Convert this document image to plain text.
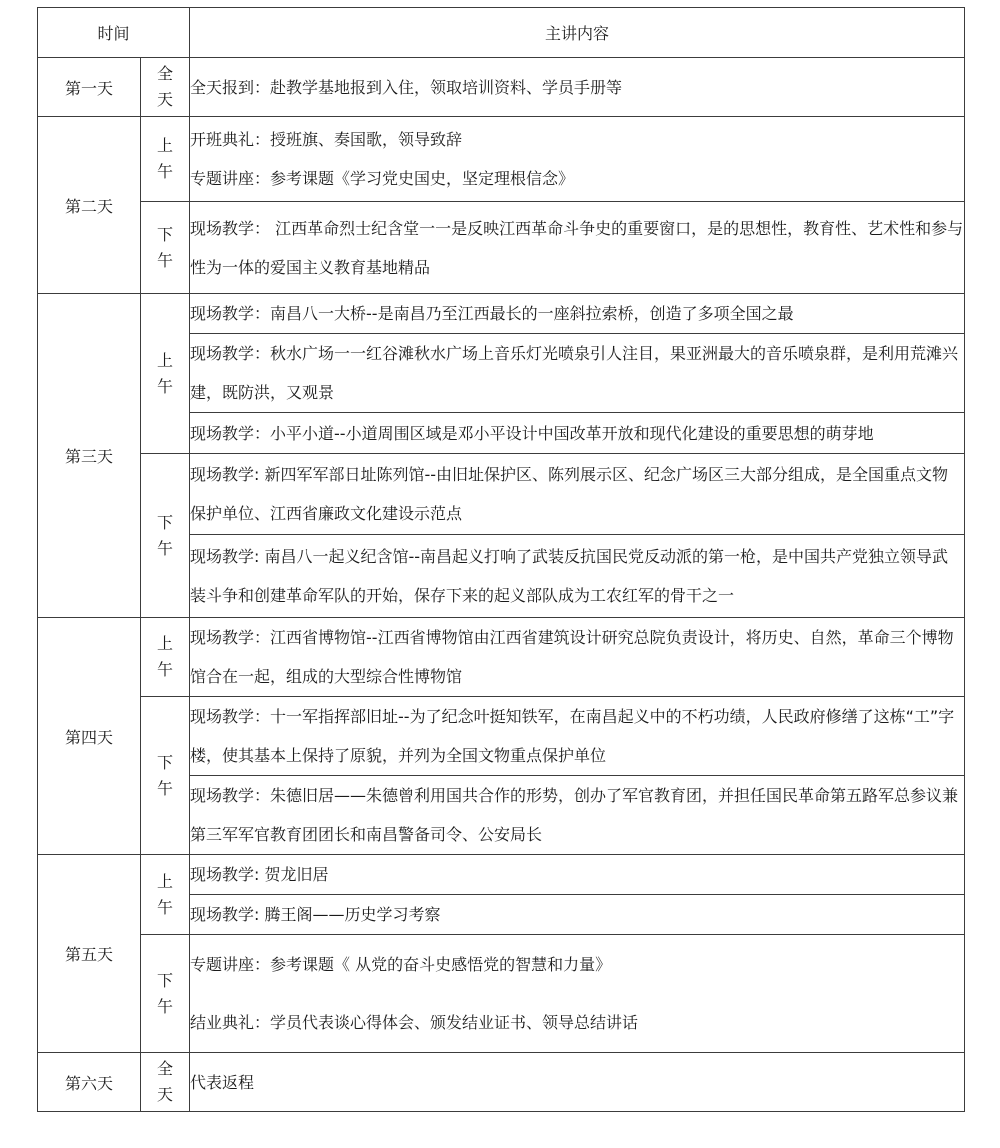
时间		主讲内容
第一天	全天	全天报到：赴教学基地报到入住，领取培训资料、学员手册等
第二天	上午	开班典礼：授班旗、奏国歌，领导致辞
专题讲座：参考课题《学习党史国史，坚定理根信念》

	下午	现场教学： 江西革命烈士纪含堂一一是反映江西革命斗争史的重要窗口，是的思想性，教育性、艺术性和参与性为一体的爱国主义教育基地精品
第三天	上午	现场教学：南昌八一大桥--是南昌乃至江西最长的一座斜拉索桥，创造了多项全国之最
		现场教学：秋水广场一一红谷滩秋水广场上音乐灯光喷泉引人注目，果亚洲最大的音乐喷泉群，是利用荒滩兴建，既防洪，又观景
		现场教学：小平小道--小道周围区域是邓小平设计中国改革开放和现代化建设的重要思想的萌芽地
	下午	现场教学: 新四军军部日址陈列馆--由旧址保护区、陈列展示区、纪念广场区三大部分组成，是全国重点文物保护单位、江西省廉政文化建设示范点
		现场教学: 南昌八一起义纪含馆--南昌起义打响了武装反抗国民党反动派的第一枪，是中国共产党独立领导武装斗争和创建革命军队的开始，保存下来的起义部队成为工农红军的骨干之一
第四天	上午	现场教学：江西省博物馆--江西省博物馆由江西省建筑设计研究总院负责设计，将历史、自然，革命三个博物馆合在一起，组成的大型综合性博物馆
	下午	现场教学：十一军指挥部旧址--为了纪念叶挺知铁军，在南昌起义中的不朽功绩，人民政府修缮了这栋“工”字楼，使其基本上保持了原貌，并列为全国文物重点保护单位
		现场教学：朱德旧居——朱德曾利用国共合作的形势，创办了军官教育团，并担任国民革命第五路军总参议兼第三军军官教育团团长和南昌警备司令、公安局长
第五天	上午	现场教学: 贺龙旧居
		现场教学: 腾王阁——历史学习考察
	下午	专题讲座：参考课题《 从党的奋斗史感悟党的智慧和力量》
结业典礼：学员代表谈心得体会、颁发结业证书、领导总结讲话

第六天	全天	代表返程
